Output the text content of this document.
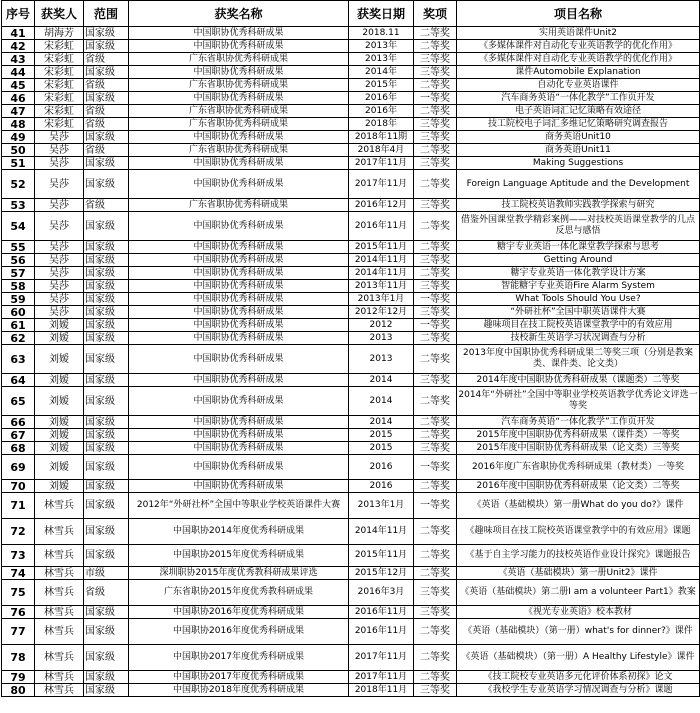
序号	获奖人	范围	获奖名称	获奖日期	奖项	项目名称
41	胡海芳	国家级	中国职协优秀科研成果	2018.11	二等奖	实用英语课件Unit2
42	宋彩虹	国家级	中国职协优秀科研成果	2013年	二等奖	《多媒体课件对自动化专业英语教学的优化作用》
43	宋彩虹	省级	广东省职协优秀科研成果	2013年	三等奖	《多媒体课件对自动化专业英语教学的优化作用》
44	宋彩虹	国家级	中国职协优秀科研成果	2014年	三等奖	课件Automobile Explanation
45	宋彩虹	省级	广东省职协优秀科研成果	2015年	二等奖	自动化专业英语课件
46	宋彩虹	国家级	中国职协优秀科研成果	2016年	一等奖	汽车商务英语“一体化教学”工作页开发
47	宋彩虹	省级	广东省职协优秀科研成果	2016年	二等奖	电子英语词汇记忆策略有效途径
48	宋彩虹	省级	广东省职协优秀科研成果	2018年	三等奖	技工院校电子词汇多维记忆策略研究调查报告
49	吴莎	国家级	中国职协优秀科研成果	2018年11期	三等奖	商务英语Unit10
50	吴莎	省级	广东省职协优秀科研成果	2018年4月	二等奖	商务英语Unit11
51	吴莎	国家级	中国职协优秀科研成果	2017年11月	三等奖	Making Suggestions
52	吴莎	国家级	中国职协优秀科研成果	2017年11月	二等奖	Foreign Language Aptitude and the Development
53	吴莎	省级	广东省职协优秀科研成果	2016年12月	三等奖	技工院校英语教师实践教学探索与研究
54	吴莎	国家级	中国职协优秀科研成果	2016年11月	二等奖	借鉴外国课堂教学精彩案例——对技校英语课堂教学的几点反思与感悟
55	吴莎	国家级	中国职协优秀科研成果	2015年11月	二等奖	糖宇专业英语一体化课堂教学探索与思考
56	吴莎	国家级	中国职协优秀科研成果	2014年11月	三等奖	Getting Around
57	吴莎	国家级	中国职协优秀科研成果	2014年11月	二等奖	糖宇专业英语一体化教学设计方案
58	吴莎	国家级	中国职协优秀科研成果	2013年11月	三等奖	智能糖宇专业英语Fire Alarm System
59	吴莎	国家级	中国职协优秀科研成果	2013年1月	一等奖	What Tools Should You Use?
60	吴莎	国家级	中国职协优秀科研成果	2012年12月	三等奖	“外研社杯”全国中职英语课件大赛
61	刘嫒	国家级	中国职协优秀科研成果	2012	一等奖	趣味项目在技工院校英语课堂教学中的有效应用
62	刘嫒	国家级	中国职协优秀科研成果	2013	二等奖	技校新生英语学习状况调查与分析
63	刘嫒	国家级	中国职协优秀科研成果	2013	二等奖	2013年度中国职协优秀科研成果二等奖三项（分别是教案类、课件类、论文类）
64	刘嫒	国家级	中国职协优秀科研成果	2014	三等奖	2014年度中国职协优秀科研成果（课题类）二等奖
65	刘嫒	国家级	中国职协优秀科研成果	2014	二等奖	2014年“外研社”全国中等职业学校英语教学优秀论文评选一等奖
66	刘嫒	国家级	中国职协优秀科研成果	2014	二等奖	汽车商务英语“一体化教学”工作页开发
67	刘嫒	国家级	中国职协优秀科研成果	2015	二等奖	2015年度中国职协优秀科研成果（课件类）一等奖
68	刘嫒	国家级	中国职协优秀科研成果	2015	三等奖	2015年度中国职协优秀科研成果（论文类）三等奖
69	刘嫒	国家级	中国职协优秀科研成果	2016	一等奖	2016年度广东省职协优秀科研成果（教材类）一等奖
70	刘嫒	国家级	中国职协优秀科研成果	2016	二等奖	2016年度中国职协优秀科研成果（论文类）二等奖
71	林雪兵	国家级	2012年“外研社杯”全国中等职业学校英语课件大赛	2013年1月	一等奖	《英语（基础模块）第一册What do you do?》课件
72	林雪兵	国家级	中国职协2014年度优秀科研成果	2014年11月	二等奖	《趣味项目在技工院校英语课堂教学中的有效应用》课题
73	林雪兵	国家级	中国职协2015年度优秀科研成果	2015年11月	二等奖	《基于自主学习能力的技校英语作业设计探究》课题报告
74	林雪兵	市级	深圳职协2015年度优秀教科研成果评选	2015年12月	二等奖	《英语（基础模块）第一册Unit2》课件
75	林雪兵	省级	广东省职协2015年度优秀教科研成果	2016年3月	三等奖	《英语（基础模块）第二册I am a volunteer Part1》教案
76	林雪兵	国家级	中国职协2016年度优秀科研成果	2016年11月	三等奖	《视光专业英语》校本教材
77	林雪兵	国家级	中国职协2016年度优秀科研成果	2016年11月	二等奖	《英语（基础模块）（第一册）what's for dinner?》课件
78	林雪兵	国家级	中国职协2017年度优秀科研成果	2017年11月	二等奖	《英语（基础模块）（第一册）A Healthy Lifestyle》课件
79	林雪兵	国家级	中国职协2017年度优秀科研成果	2017年11月	二等奖	《技工院校专业英语多元化评价体系初探》论文
80	林雪兵	国家级	中国职协2018年度优秀科研成果	2018年11月	三等奖	《我校学生专业英语学习情况调查与分析》课题
